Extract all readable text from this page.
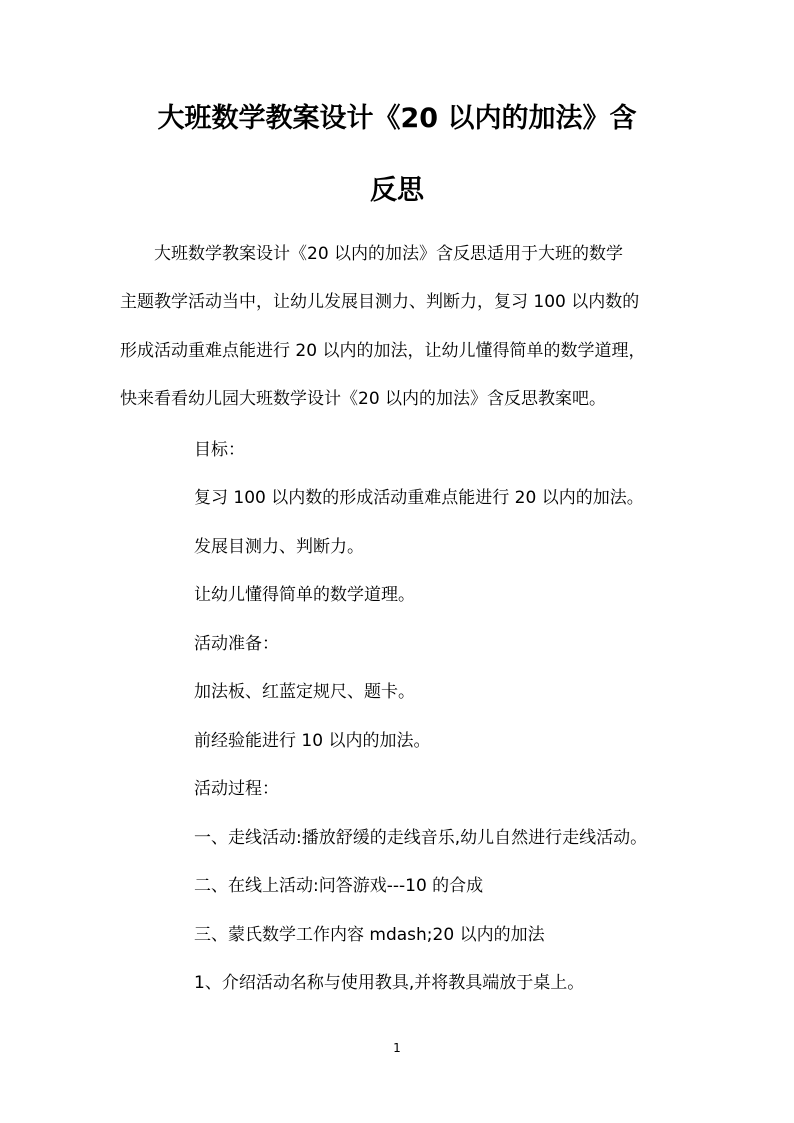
大班数学教案设计《20 以内的加法》含
反思
　　大班数学教案设计《20 以内的加法》含反思适用于大班的数学
主题教学活动当中，让幼儿发展目测力、判断力，复习 100 以内数的
形成活动重难点能进行 20 以内的加法，让幼儿懂得简单的数学道理，
快来看看幼儿园大班数学设计《20 以内的加法》含反思教案吧。
目标：
复习 100 以内数的形成活动重难点能进行 20 以内的加法。
发展目测力、判断力。
让幼儿懂得简单的数学道理。
活动准备：
加法板、红蓝定规尺、题卡。
前经验能进行 10 以内的加法。
活动过程：
一、走线活动:播放舒缓的走线音乐,幼儿自然进行走线活动。
二、在线上活动:问答游戏---10 的合成
三、蒙氏数学工作内容 mdash;20 以内的加法
1、介绍活动名称与使用教具,并将教具端放于桌上。
1
